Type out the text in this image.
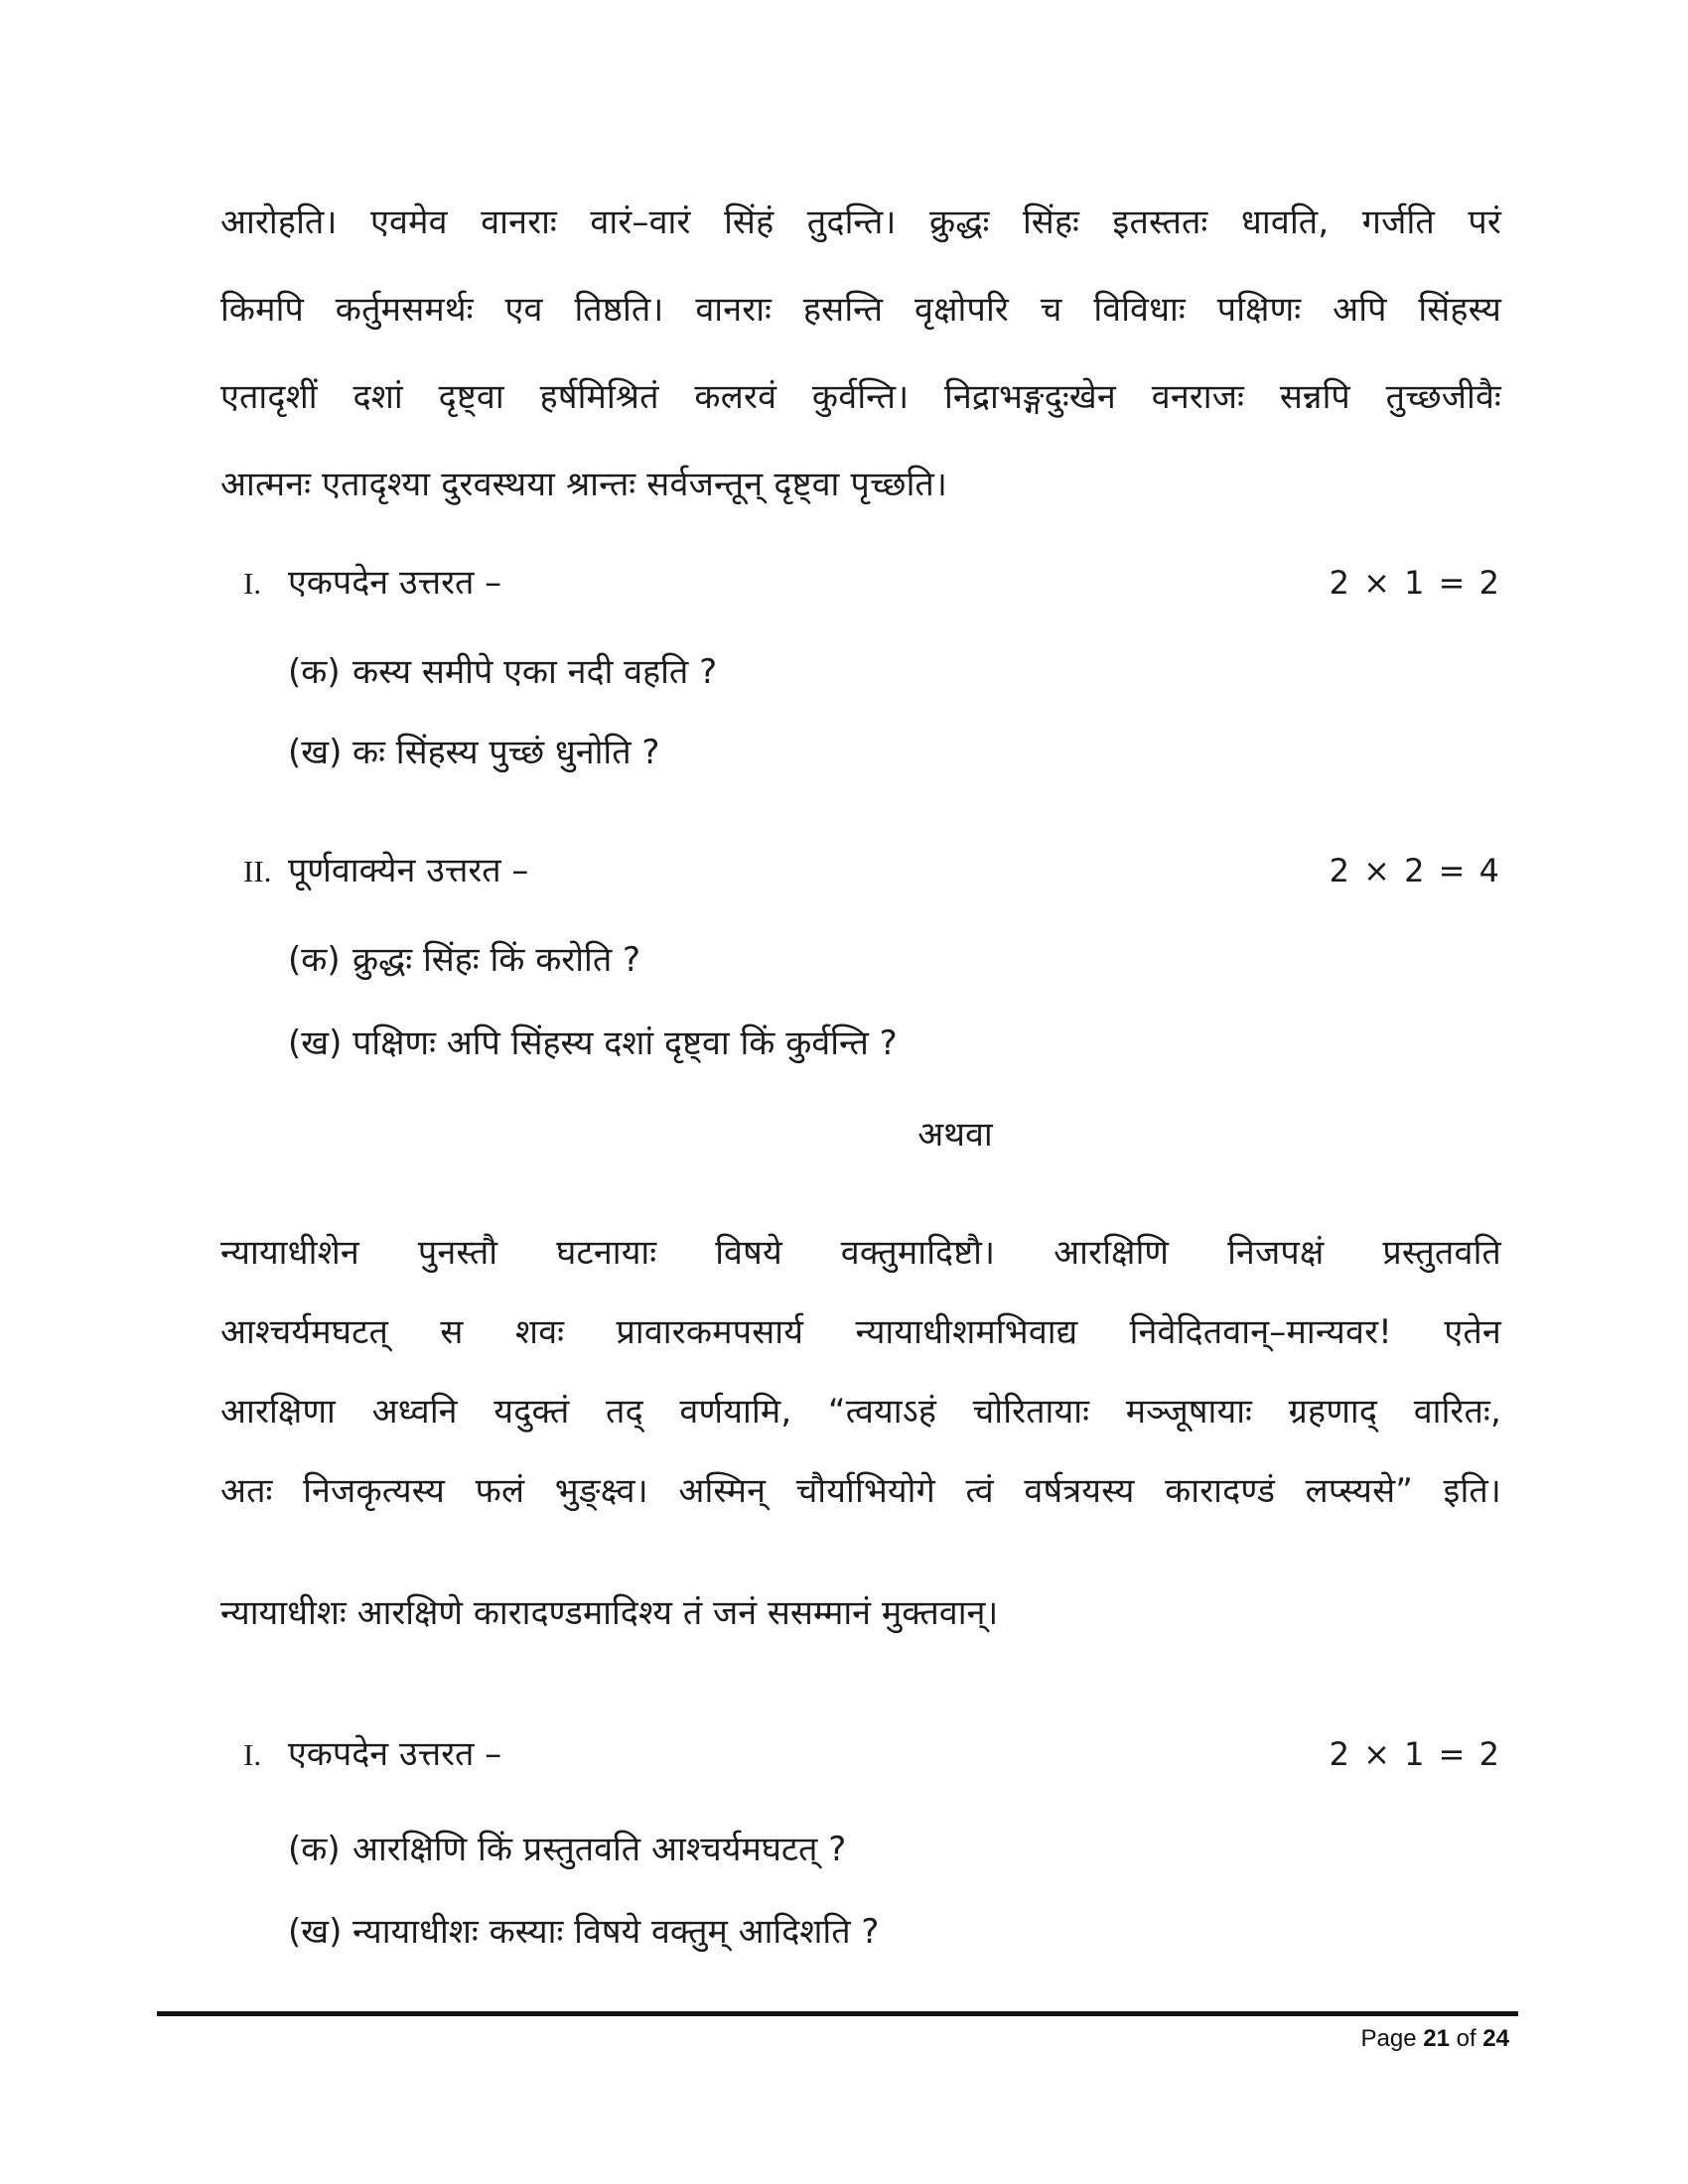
आरोहति। एवमेव वानराः वारं–वारं सिंहं तुदन्ति। क्रुद्धः सिंहः इतस्ततः धावति, गर्जति परं
किमपि कर्तुमसमर्थः एव तिष्ठति। वानराः हसन्ति वृक्षोपरि च विविधाः पक्षिणः अपि सिंहस्य
एतादृशीं दशां दृष्ट्वा हर्षमिश्रितं कलरवं कुर्वन्ति। निद्राभङ्गदुःखेन वनराजः सन्नपि तुच्छजीवैः
आत्मनः एतादृश्या दुरवस्थया श्रान्तः सर्वजन्तून् दृष्ट्वा पृच्छति।
I. एकपदेन उत्तरत –	2 × 1 = 2
(क) कस्य समीपे एका नदी वहति ?
(ख) कः सिंहस्य पुच्छं धुनोति ?
II. पूर्णवाक्येन उत्तरत –	2 × 2 = 4
(क) क्रुद्धः सिंहः किं करोति ?
(ख) पक्षिणः अपि सिंहस्य दशां दृष्ट्वा किं कुर्वन्ति ?
अथवा
न्यायाधीशेन पुनस्तौ घटनायाः विषये वक्तुमादिष्टौ। आरक्षिणि निजपक्षं प्रस्तुतवति
आश्चर्यमघटत् स शवः प्रावारकमपसार्य न्यायाधीशमभिवाद्य निवेदितवान्–मान्यवर! एतेन
आरक्षिणा अध्वनि यदुक्तं तद् वर्णयामि, “त्वयाऽहं चोरितायाः मञ्जूषायाः ग्रहणाद् वारितः,
अतः निजकृत्यस्य फलं भुङ्क्ष्व। अस्मिन् चौर्याभियोगे त्वं वर्षत्रयस्य कारादण्डं लप्स्यसे” इति।
न्यायाधीशः आरक्षिणे कारादण्डमादिश्य तं जनं ससम्मानं मुक्तवान्।
I. एकपदेन उत्तरत –	2 × 1 = 2
(क) आरक्षिणि किं प्रस्तुतवति आश्चर्यमघटत् ?
(ख) न्यायाधीशः कस्याः विषये वक्तुम् आदिशति ?
Page 21 of 24
